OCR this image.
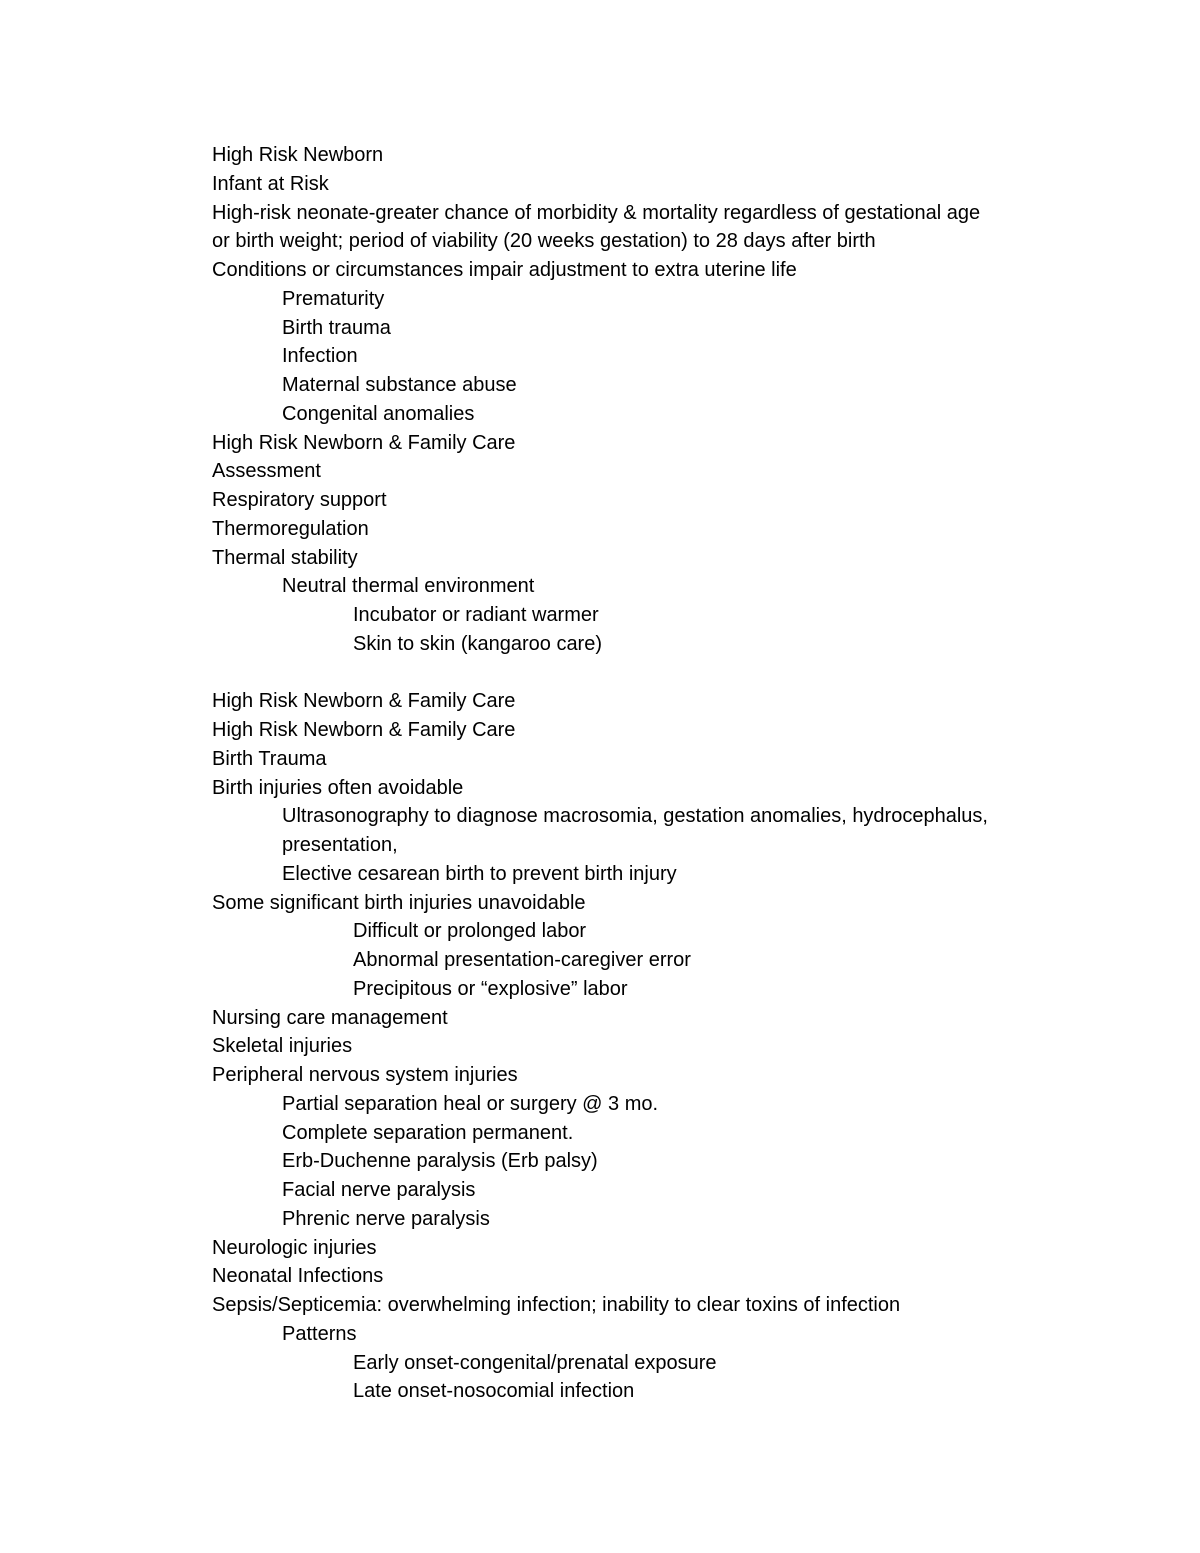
High Risk Newborn
Infant at Risk
High-risk neonate-greater chance of morbidity & mortality regardless of gestational age
or birth weight; period of viability (20 weeks gestation) to 28 days after birth
Conditions or circumstances impair adjustment to extra uterine life
Prematurity
Birth trauma
Infection
Maternal substance abuse
Congenital anomalies
High Risk Newborn & Family Care
Assessment
Respiratory support
Thermoregulation
Thermal stability
Neutral thermal environment
Incubator or radiant warmer
Skin to skin (kangaroo care)
High Risk Newborn & Family Care
High Risk Newborn & Family Care
Birth Trauma
Birth injuries often avoidable
Ultrasonography to diagnose macrosomia, gestation anomalies, hydrocephalus,
presentation,
Elective cesarean birth to prevent birth injury
Some significant birth injuries unavoidable
Difficult or prolonged labor
Abnormal presentation-caregiver error
Precipitous or “explosive” labor
Nursing care management
Skeletal injuries
Peripheral nervous system injuries
Partial separation heal or surgery @ 3 mo.
Complete separation permanent.
Erb-Duchenne paralysis (Erb palsy)
Facial nerve paralysis
Phrenic nerve paralysis
Neurologic injuries
Neonatal Infections
Sepsis/Septicemia: overwhelming infection; inability to clear toxins of infection
Patterns
Early onset-congenital/prenatal exposure
Late onset-nosocomial infection
